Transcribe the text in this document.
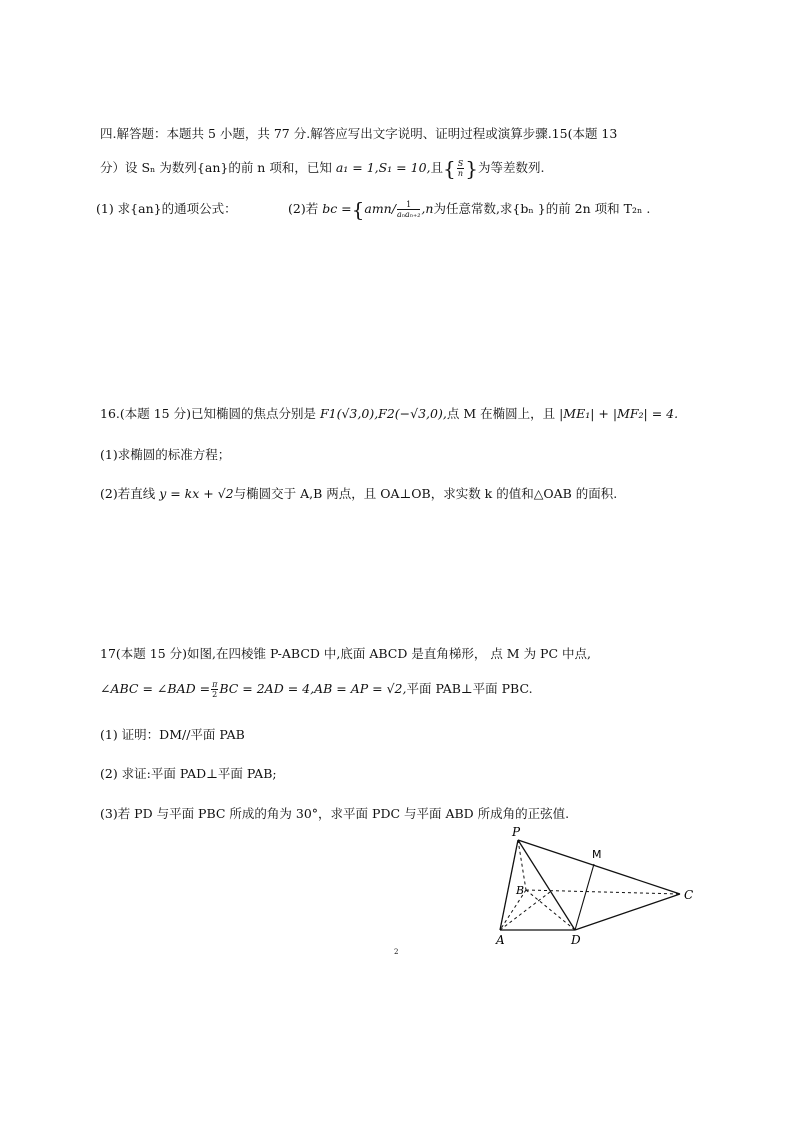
四.解答题：本题共 5 小题，共 77 分.解答应写出文字说明、证明过程或演算步骤.15(本题 13
分）设 Sₙ 为数列{an}的前 n 项和，已知 a₁ = 1,S₁ = 10,且{ $\frac{S}{n}$ }为等差数列.
(1) 求{an}的通项公式：	(2)若 bc $=\{amn/ \frac{1}{\text{aₙaₙ₊₂}} ,n$为任意常数,求{bₙ }的前 2n 项和 T₂ₙ .
16.(本题 15 分)已知椭圆的焦点分别是 F1(√3,0),F2(−√3,0),点 M 在椭圆上，且 |ME₁| + |MF₂| = 4.
(1)求椭圆的标准方程；
(2)若直线 y = kx + √2与椭圆交于 A,B 两点，且 OA⊥OB，求实数 k 的值和△OAB 的面积.
17(本题 15 分)如图,在四棱锥 P-ABCD 中,底面 ABCD 是直角梯形， 点 M 为 PC 中点,
∠ABC = ∠BAD = $\frac{\pi}{2}$ BC = 2AD = 4,AB = AP = √2,平面 PAB⊥平面 PBC.
(1) 证明：DM//平面 PAB
(2) 求证:平面 PAD⊥平面 PAB;
(3)若 PD 与平面 PBC 所成的角为 30°，求平面 PDC 与平面 ABD 所成角的正弦值.
P
M
B	C
A	D
2
